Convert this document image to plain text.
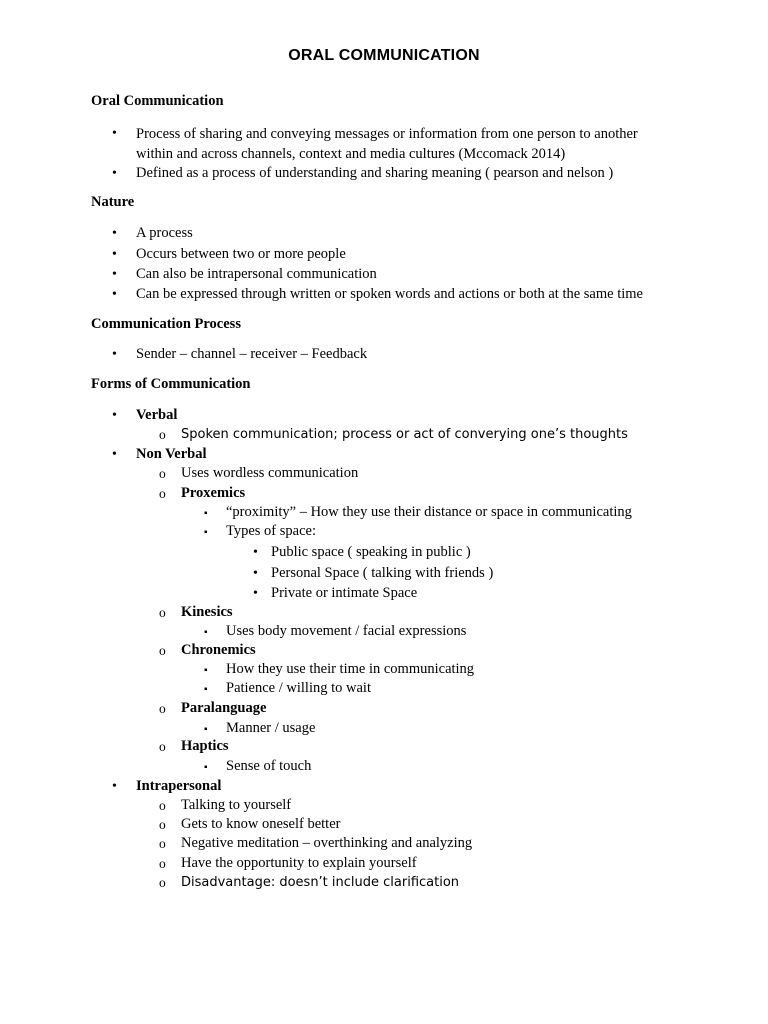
ORAL COMMUNICATION
Oral Communication
• Process of sharing and conveying messages or information from one person to another within and across channels, context and media cultures (Mccomack 2014)
• Defined as a process of understanding and sharing meaning ( pearson and nelson )
Nature
• A process
• Occurs between two or more people
• Can also be intrapersonal communication
• Can be expressed through written or spoken words and actions or both at the same time
Communication Process
• Sender – channel – receiver – Feedback
Forms of Communication
• Verbal
o Spoken communication; process or act of converying one’s thoughts
• Non Verbal
o Uses wordless communication
o Proxemics
▪ “proximity” – How they use their distance or space in communicating
▪ Types of space:
• Public space ( speaking in public )
• Personal Space ( talking with friends )
• Private or intimate Space
o Kinesics
▪ Uses body movement / facial expressions
o Chronemics
▪ How they use their time in communicating
▪ Patience / willing to wait
o Paralanguage
▪ Manner / usage
o Haptics
▪ Sense of touch
• Intrapersonal
o Talking to yourself
o Gets to know oneself better
o Negative meditation – overthinking and analyzing
o Have the opportunity to explain yourself
o Disadvantage: doesn’t include clarification
